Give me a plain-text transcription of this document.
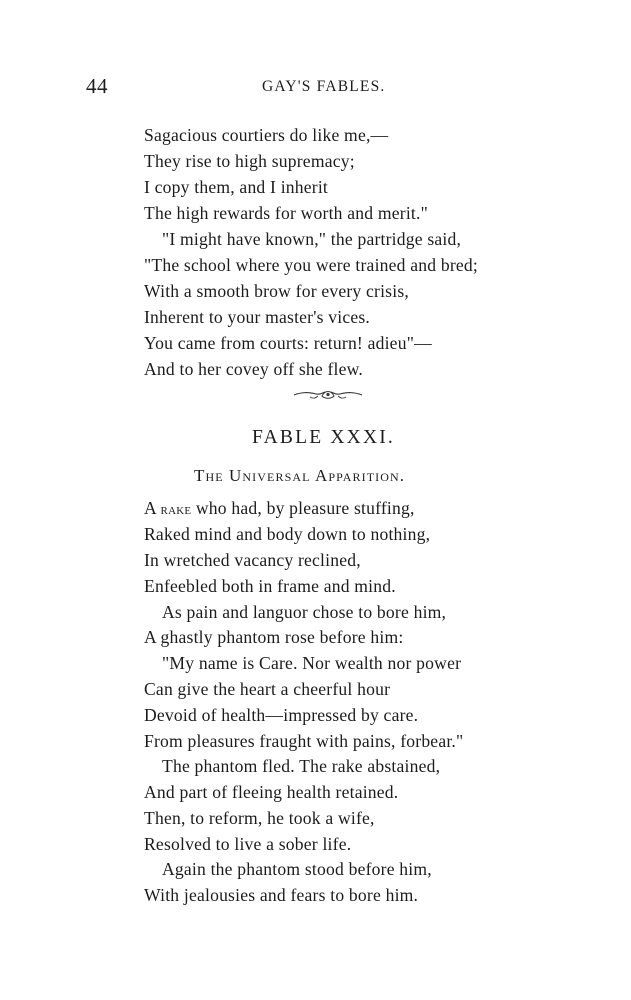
44	GAY'S FABLES.
Sagacious courtiers do like me,—
They rise to high supremacy;
I copy them, and I inherit
The high rewards for worth and merit."
"I might have known," the partridge said,
"The school where you were trained and bred;
With a smooth brow for every crisis,
Inherent to your master's vices.
You came from courts: return! adieu"—
And to her covey off she flew.
FABLE XXXI.
The Universal Apparition.
A rake who had, by pleasure stuffing,
Raked mind and body down to nothing,
In wretched vacancy reclined,
Enfeebled both in frame and mind.
As pain and languor chose to bore him,
A ghastly phantom rose before him:
"My name is Care. Nor wealth nor power
Can give the heart a cheerful hour
Devoid of health—impressed by care.
From pleasures fraught with pains, forbear."
The phantom fled. The rake abstained,
And part of fleeing health retained.
Then, to reform, he took a wife,
Resolved to live a sober life.
Again the phantom stood before him,
With jealousies and fears to bore him.
